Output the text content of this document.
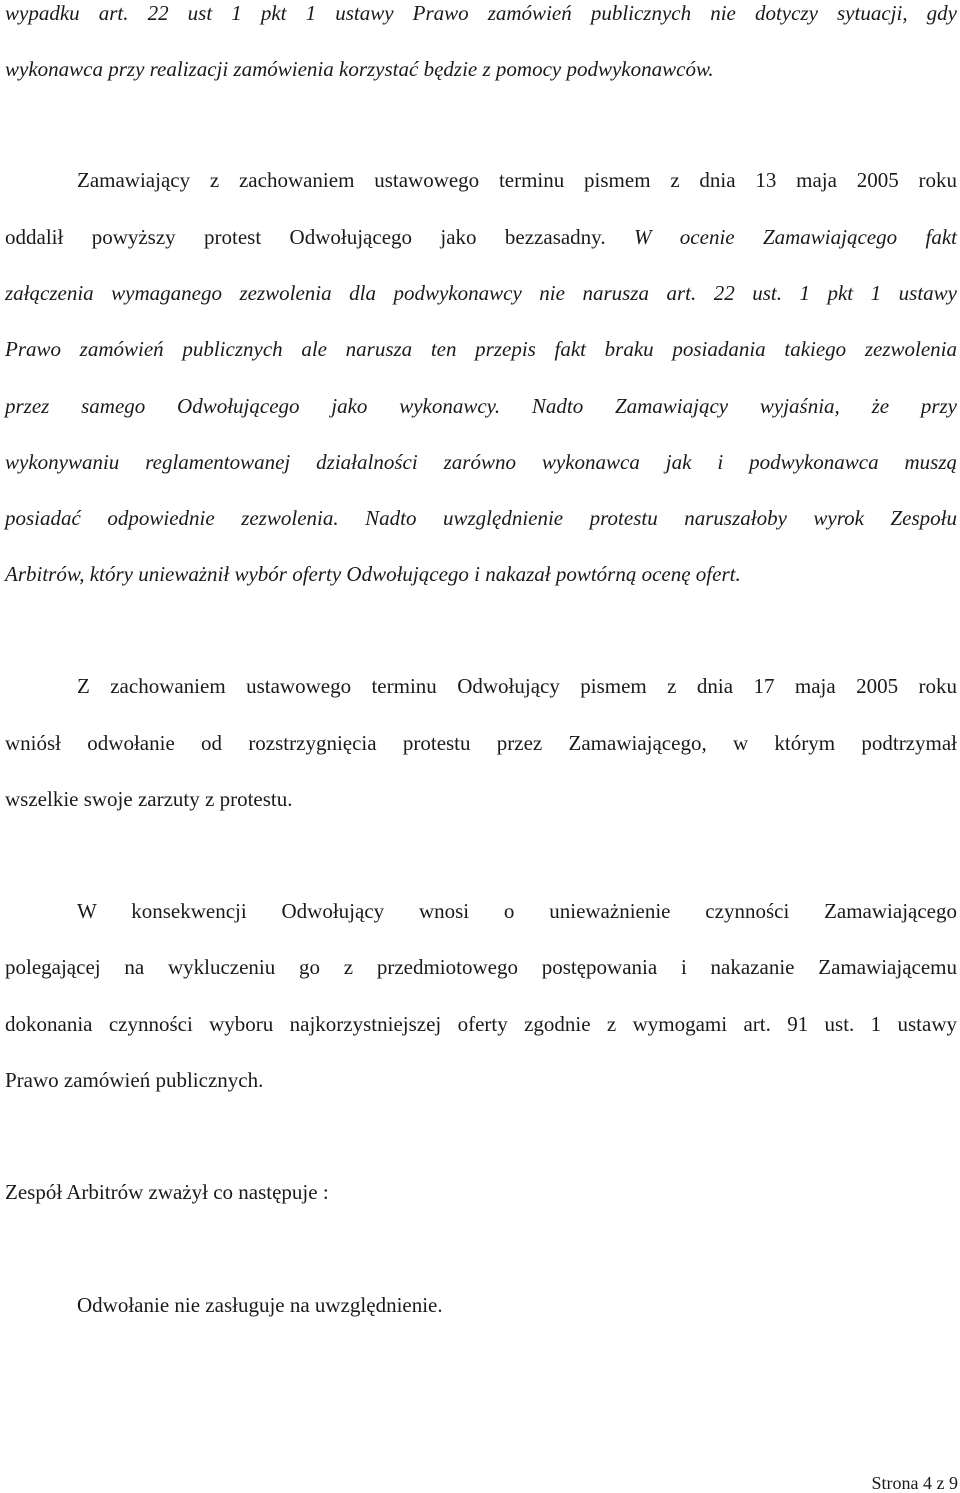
wypadku art. 22 ust 1 pkt 1 ustawy Prawo zamówień publicznych nie dotyczy sytuacji, gdy
wykonawca przy realizacji zamówienia korzystać będzie z pomocy podwykonawców.
Zamawiający z zachowaniem ustawowego terminu pismem z dnia 13 maja 2005 roku
oddalił powyższy protest Odwołującego jako bezzasadny. W ocenie Zamawiającego fakt
załączenia wymaganego zezwolenia dla podwykonawcy nie narusza art. 22 ust. 1 pkt 1 ustawy
Prawo zamówień publicznych ale narusza ten przepis fakt braku posiadania takiego zezwolenia
przez samego Odwołującego jako wykonawcy. Nadto Zamawiający wyjaśnia, że przy
wykonywaniu reglamentowanej działalności zarówno wykonawca jak i podwykonawca muszą
posiadać odpowiednie zezwolenia. Nadto uwzględnienie protestu naruszałoby wyrok Zespołu
Arbitrów, który unieważnił wybór oferty Odwołującego i nakazał powtórną ocenę ofert.
Z zachowaniem ustawowego terminu Odwołujący pismem z dnia 17 maja 2005 roku
wniósł odwołanie od rozstrzygnięcia protestu przez Zamawiającego, w którym podtrzymał
wszelkie swoje zarzuty z protestu.
W konsekwencji Odwołujący wnosi o unieważnienie czynności Zamawiającego
polegającej na wykluczeniu go z przedmiotowego postępowania i nakazanie Zamawiającemu
dokonania czynności wyboru najkorzystniejszej oferty zgodnie z wymogami art. 91 ust. 1 ustawy
Prawo zamówień publicznych.
Zespół Arbitrów zważył co następuje :
Odwołanie nie zasługuje na uwzględnienie.
Strona 4 z 9
